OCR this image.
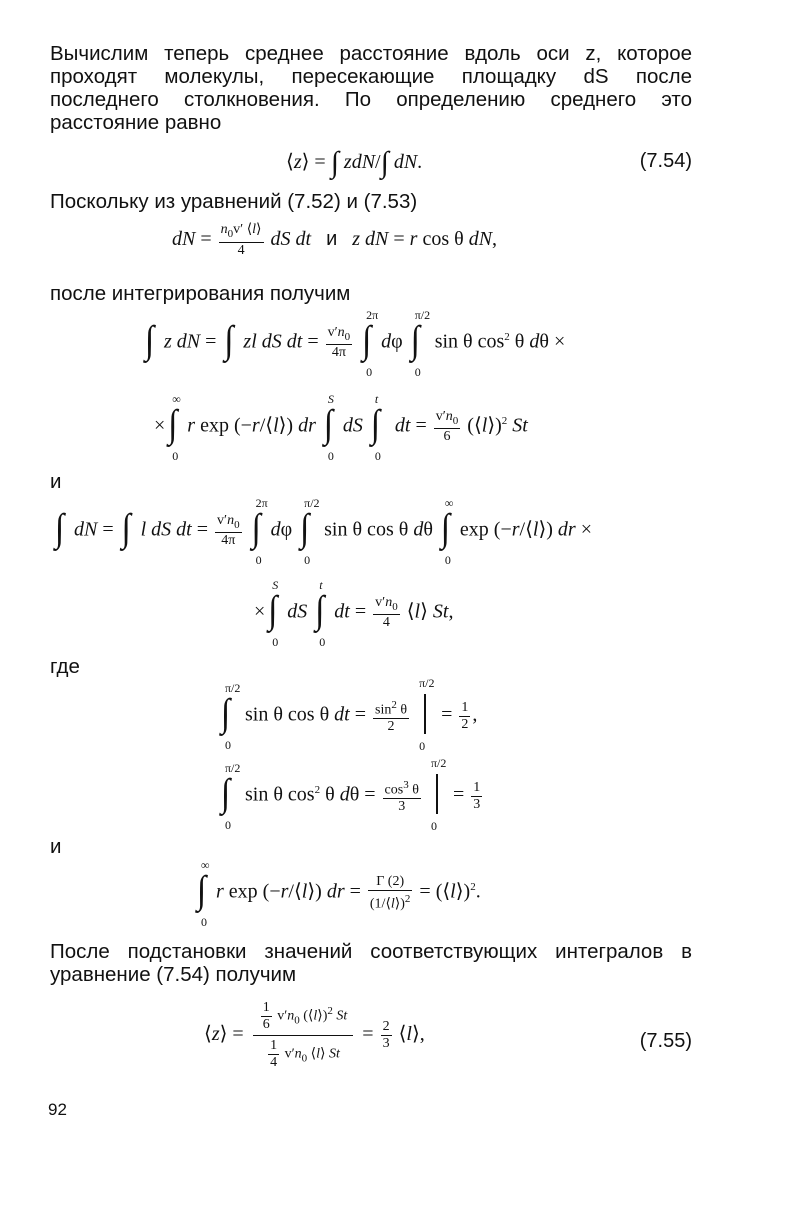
Вычислим теперь среднее расстояние вдоль оси z, которое проходят молекулы, пересекающие площадку dS после последнего столкновения. По определению среднего это расстояние равно
⟨z⟩ = ∫ zdN/∫ dN.	(7.54)
Поскольку из уравнений (7.52) и (7.53)
dN = $\frac{n_0v' ⟨l⟩}{4}$ dS dt и z dN = r cos θ dN,
после интегрирования получим
∫ z dN = ∫ zl dS dt = $\frac{v'n_0}{4\pi}$
∫
2π
0
dφ ∫
π/2
0
sin θ $\cos^2 \theta$ dθ ×
× ∫
∞
0
r exp (−r/⟨l⟩) dr ∫
S
0
dS ∫
t
0
dt = $\frac{v'n_0}{6}$ (⟨l⟩)$^2$ St
и
∫ dN = ∫ l dS dt = $\frac{v'n_0}{4\pi}$
∫
2π
0
dφ ∫
π/2
0
sin θ cos θ dθ ∫
∞
0
exp (−r/⟨l⟩) dr ×
× ∫
S
0
dS ∫
t
0
dt = $\frac{v'n_0}{4}$ ⟨l⟩ St,
где
∫
π/2
0
sin θ cos θ dt = $\frac{\sin^2 \theta}{2}$

π/2
0
= $\frac{1}{2}$ ,
∫
π/2
0
sin θ $\cos^2 \theta$ $d\theta = \frac{\cos^3 \theta}{3}$

π/2
0
= $\frac{1}{3}$
и
∫
∞
0
r exp (−r/⟨l⟩) dr = $\frac{\Gamma (2)}{(1/⟨l⟩)^2}$ = (⟨l⟩)$^2$.
После подстановки значений соответствующих интегралов в уравнение (7.54) получим
⟨z⟩ = $\frac{\frac{1}{6} v'n_0 (⟨l⟩)^2 St}{\frac{1}{4} v'n_0 ⟨l⟩ St} = \frac{2}{3}$ ⟨l⟩,	(7.55)
92
